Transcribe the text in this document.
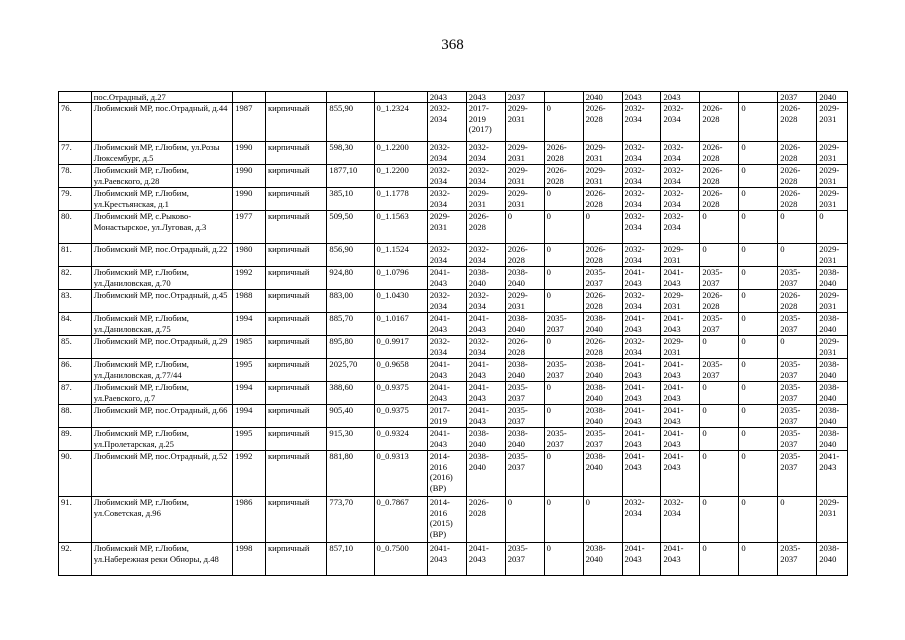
368
	пос.Отрадный, д.27					2043	2043	2037		2040	2043	2043			2037	2040
76.	Любимский МР, пос.Отрадный, д.44	1987	кирпичный	855,90	0_1.2324	2032-2034	2017-2019 (2017)	2029-2031	0	2026-2028	2032-2034	2032-2034	2026-2028	0	2026-2028	2029-2031
77.	Любимский МР, г.Любим, ул.Розы Люксембург, д.5	1990	кирпичный	598,30	0_1.2200	2032-2034	2032-2034	2029-2031	2026-2028	2029-2031	2032-2034	2032-2034	2026-2028	0	2026-2028	2029-2031
78.	Любимский МР, г.Любим, ул.Раевского, д.28	1990	кирпичный	1877,10	0_1.2200	2032-2034	2032-2034	2029-2031	2026-2028	2029-2031	2032-2034	2032-2034	2026-2028	0	2026-2028	2029-2031
79.	Любимский МР, г.Любим, ул.Крестьянская, д.1	1990	кирпичный	385,10	0_1.1778	2032-2034	2029-2031	2029-2031	0	2026-2028	2032-2034	2032-2034	2026-2028	0	2026-2028	2029-2031
80.	Любимский МР, с.Рыково-Монастырское, ул.Луговая, д.3	1977	кирпичный	509,50	0_1.1563	2029-2031	2026-2028	0	0	0	2032-2034	2032-2034	0	0	0	0
81.	Любимский МР, пос.Отрадный, д.22	1980	кирпичный	856,90	0_1.1524	2032-2034	2032-2034	2026-2028	0	2026-2028	2032-2034	2029-2031	0	0	0	2029-2031
82.	Любимский МР, г.Любим, ул.Даниловская, д.70	1992	кирпичный	924,80	0_1.0796	2041-2043	2038-2040	2038-2040	0	2035-2037	2041-2043	2041-2043	2035-2037	0	2035-2037	2038-2040
83.	Любимский МР, пос.Отрадный, д.45	1988	кирпичный	883,00	0_1.0430	2032-2034	2032-2034	2029-2031	0	2026-2028	2032-2034	2029-2031	2026-2028	0	2026-2028	2029-2031
84.	Любимский МР, г.Любим, ул.Даниловская, д.75	1994	кирпичный	885,70	0_1.0167	2041-2043	2041-2043	2038-2040	2035-2037	2038-2040	2041-2043	2041-2043	2035-2037	0	2035-2037	2038-2040
85.	Любимский МР, пос.Отрадный, д.29	1985	кирпичный	895,80	0_0.9917	2032-2034	2032-2034	2026-2028	0	2026-2028	2032-2034	2029-2031	0	0	0	2029-2031
86.	Любимский МР, г.Любим, ул.Даниловская, д.77/44	1995	кирпичный	2025,70	0_0.9658	2041-2043	2041-2043	2038-2040	2035-2037	2038-2040	2041-2043	2041-2043	2035-2037	0	2035-2037	2038-2040
87.	Любимский МР, г.Любим, ул.Раевского, д.7	1994	кирпичный	388,60	0_0.9375	2041-2043	2041-2043	2035-2037	0	2038-2040	2041-2043	2041-2043	0	0	2035-2037	2038-2040
88.	Любимский МР, пос.Отрадный, д.66	1994	кирпичный	905,40	0_0.9375	2017-2019	2041-2043	2035-2037	0	2038-2040	2041-2043	2041-2043	0	0	2035-2037	2038-2040
89.	Любимский МР, г.Любим, ул.Пролетарская, д.25	1995	кирпичный	915,30	0_0.9324	2041-2043	2038-2040	2038-2040	2035-2037	2035-2037	2041-2043	2041-2043	0	0	2035-2037	2038-2040
90.	Любимский МР, пос.Отрадный, д.52	1992	кирпичный	881,80	0_0.9313	2014-2016 (2016) (ВР)	2038-2040	2035-2037	0	2038-2040	2041-2043	2041-2043	0	0	2035-2037	2041-2043
91.	Любимский МР, г.Любим, ул.Советская, д.96	1986	кирпичный	773,70	0_0.7867	2014-2016 (2015) (ВР)	2026-2028	0	0	0	2032-2034	2032-2034	0	0	0	2029-2031
92.	Любимский МР, г.Любим, ул.Набережная реки Обноры, д.48	1998	кирпичный	857,10	0_0.7500	2041-2043	2041-2043	2035-2037	0	2038-2040	2041-2043	2041-2043	0	0	2035-2037	2038-2040
